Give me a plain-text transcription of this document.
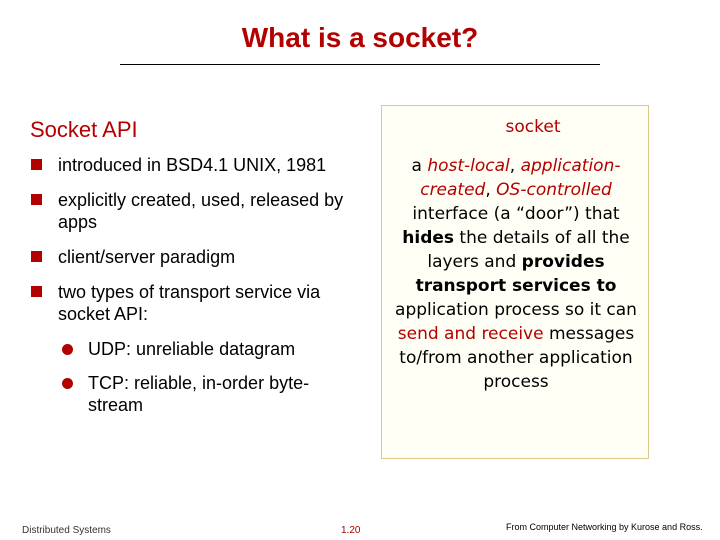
What is a socket?
Socket API
introduced in BSD4.1 UNIX, 1981
explicitly created, used, released by apps
client/server paradigm
two types of transport service via socket API:
UDP: unreliable datagram
TCP: reliable, in-order byte-stream
socket
a host-local, application-created, OS-controlled interface (a “door”) that hides the details of all the layers and provides transport services to application process so it can send and receive messages to/from another application process
Distributed Systems	1.20	From Computer Networking by Kurose and Ross.
